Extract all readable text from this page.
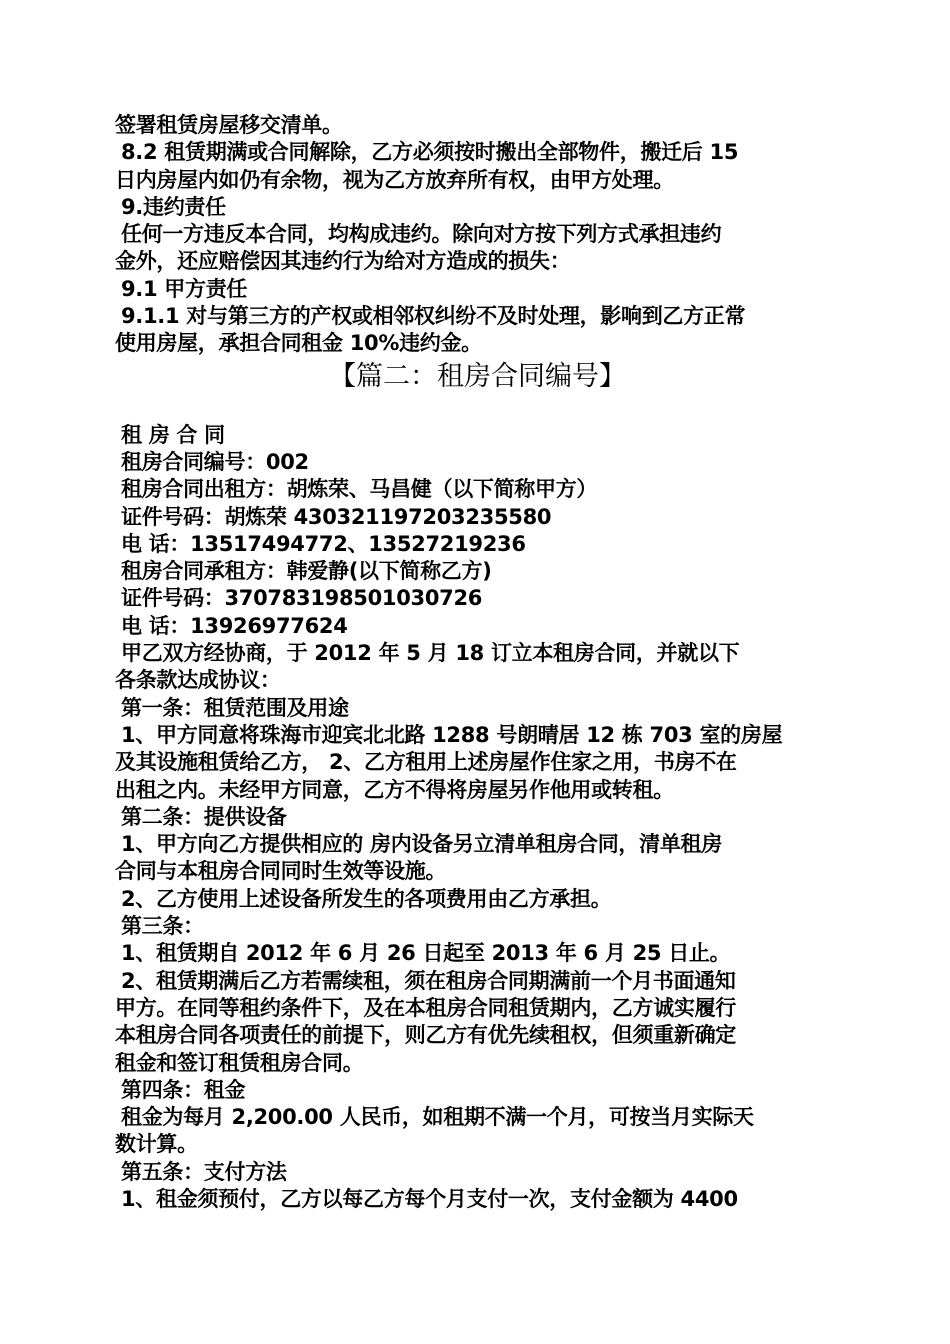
签署租赁房屋移交清单。
8.2 租赁期满或合同解除，乙方必须按时搬出全部物件，搬迁后 15
日内房屋内如仍有余物，视为乙方放弃所有权，由甲方处理。
9.违约责任
任何一方违反本合同，均构成违约。除向对方按下列方式承担违约
金外，还应赔偿因其违约行为给对方造成的损失：
9.1 甲方责任
9.1.1 对与第三方的产权或相邻权纠纷不及时处理，影响到乙方正常
使用房屋，承担合同租金 10%违约金。
【篇二：租房合同编号】
租 房 合 同
租房合同编号：002
租房合同出租方：胡炼荣、马昌健（以下简称甲方）
证件号码：胡炼荣 430321197203235580
电 话：13517494772、13527219236
租房合同承租方：韩爱静(以下简称乙方)
证件号码：370783198501030726
电 话：13926977624
甲乙双方经协商，于 2012 年 5 月 18 订立本租房合同，并就以下
各条款达成协议：
第一条：租赁范围及用途
1、甲方同意将珠海市迎宾北北路 1288 号朗晴居 12 栋 703 室的房屋
及其设施租赁给乙方， 2、乙方租用上述房屋作住家之用，书房不在
出租之内。未经甲方同意，乙方不得将房屋另作他用或转租。
第二条：提供设备
1、甲方向乙方提供相应的 房内设备另立清单租房合同，清单租房
合同与本租房合同同时生效等设施。
2、乙方使用上述设备所发生的各项费用由乙方承担。
第三条：
1、租赁期自 2012 年 6 月 26 日起至 2013 年 6 月 25 日止。
2、租赁期满后乙方若需续租，须在租房合同期满前一个月书面通知
甲方。在同等租约条件下，及在本租房合同租赁期内，乙方诚实履行
本租房合同各项责任的前提下，则乙方有优先续租权，但须重新确定
租金和签订租赁租房合同。
第四条：租金
租金为每月 2,200.00 人民币，如租期不满一个月，可按当月实际天
数计算。
第五条：支付方法
1、租金须预付，乙方以每乙方每个月支付一次，支付金额为 4400
